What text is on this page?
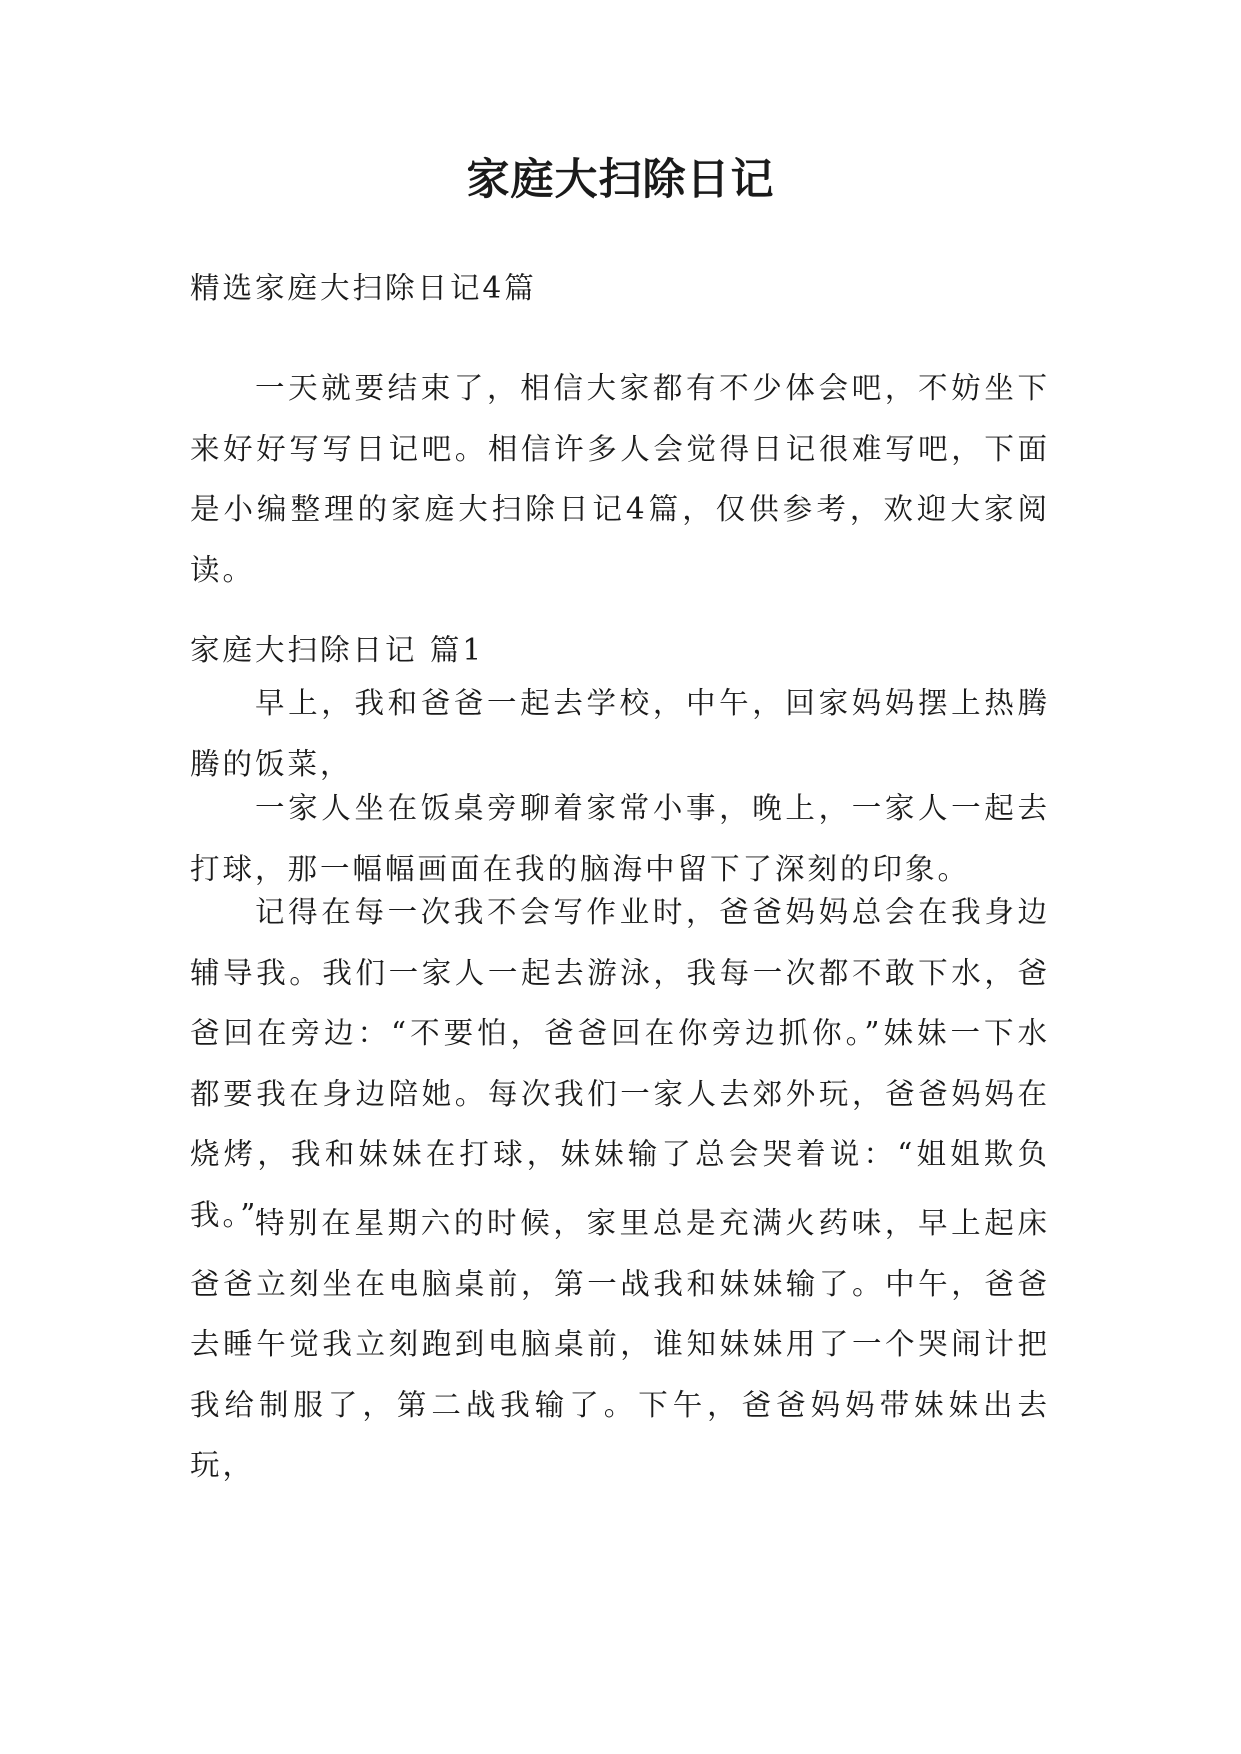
家庭大扫除日记

精选家庭大扫除日记4篇

一天就要结束了，相信大家都有不少体会吧，不妨坐下来好好写写日记吧。相信许多人会觉得日记很难写吧，下面是小编整理的家庭大扫除日记4篇，仅供参考，欢迎大家阅读。

家庭大扫除日记 篇1

早上，我和爸爸一起去学校，中午，回家妈妈摆上热腾腾的饭菜，

一家人坐在饭桌旁聊着家常小事，晚上，一家人一起去打球，那一幅幅画面在我的脑海中留下了深刻的印象。

记得在每一次我不会写作业时，爸爸妈妈总会在我身边辅导我。我们一家人一起去游泳，我每一次都不敢下水，爸爸回在旁边：“不要怕，爸爸回在你旁边抓你。”妹妹一下水都要我在身边陪她。每次我们一家人去郊外玩，爸爸妈妈在烧烤，我和妹妹在打球，妹妹输了总会哭着说：“姐姐欺负我。”

特别在星期六的时候，家里总是充满火药味，早上起床爸爸立刻坐在电脑桌前，第一战我和妹妹输了。中午，爸爸去睡午觉我立刻跑到电脑桌前，谁知妹妹用了一个哭闹计把我给制服了，第二战我输了。下午，爸爸妈妈带妹妹出去玩，
